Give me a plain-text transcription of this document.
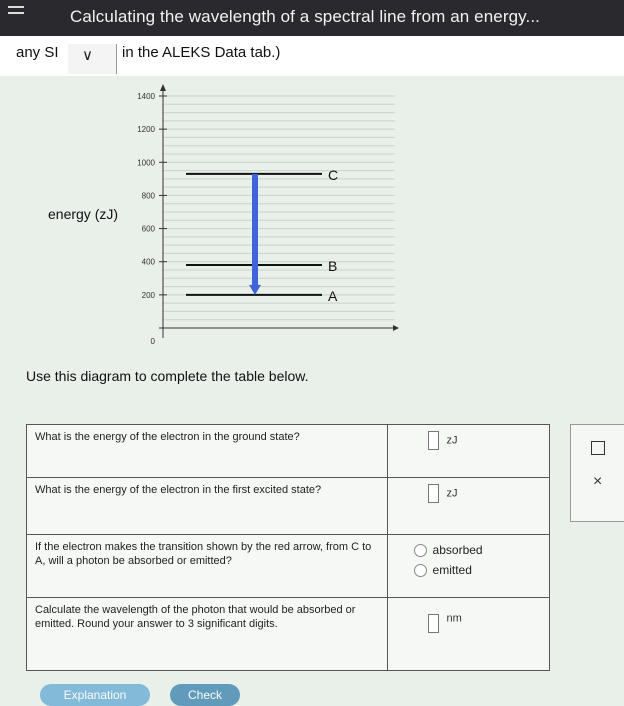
Calculating the wavelength of a spectral line from an energy...
any SI ∨ in the ALEKS Data tab.)
1400
1200
1000
800
600
400
200
0
C
B
A
energy (zJ)
Use this diagram to complete the table below.
What is the energy of the electron in the ground state?	zJ
What is the energy of the electron in the first excited state?	zJ
If the electron makes the transition shown by the red arrow, from C to A, will a photon be absorbed or emitted?	absorbed
emitted

Calculate the wavelength of the photon that would be absorbed or emitted. Round your answer to 3 significant digits.	nm
×
Explanation	Check
